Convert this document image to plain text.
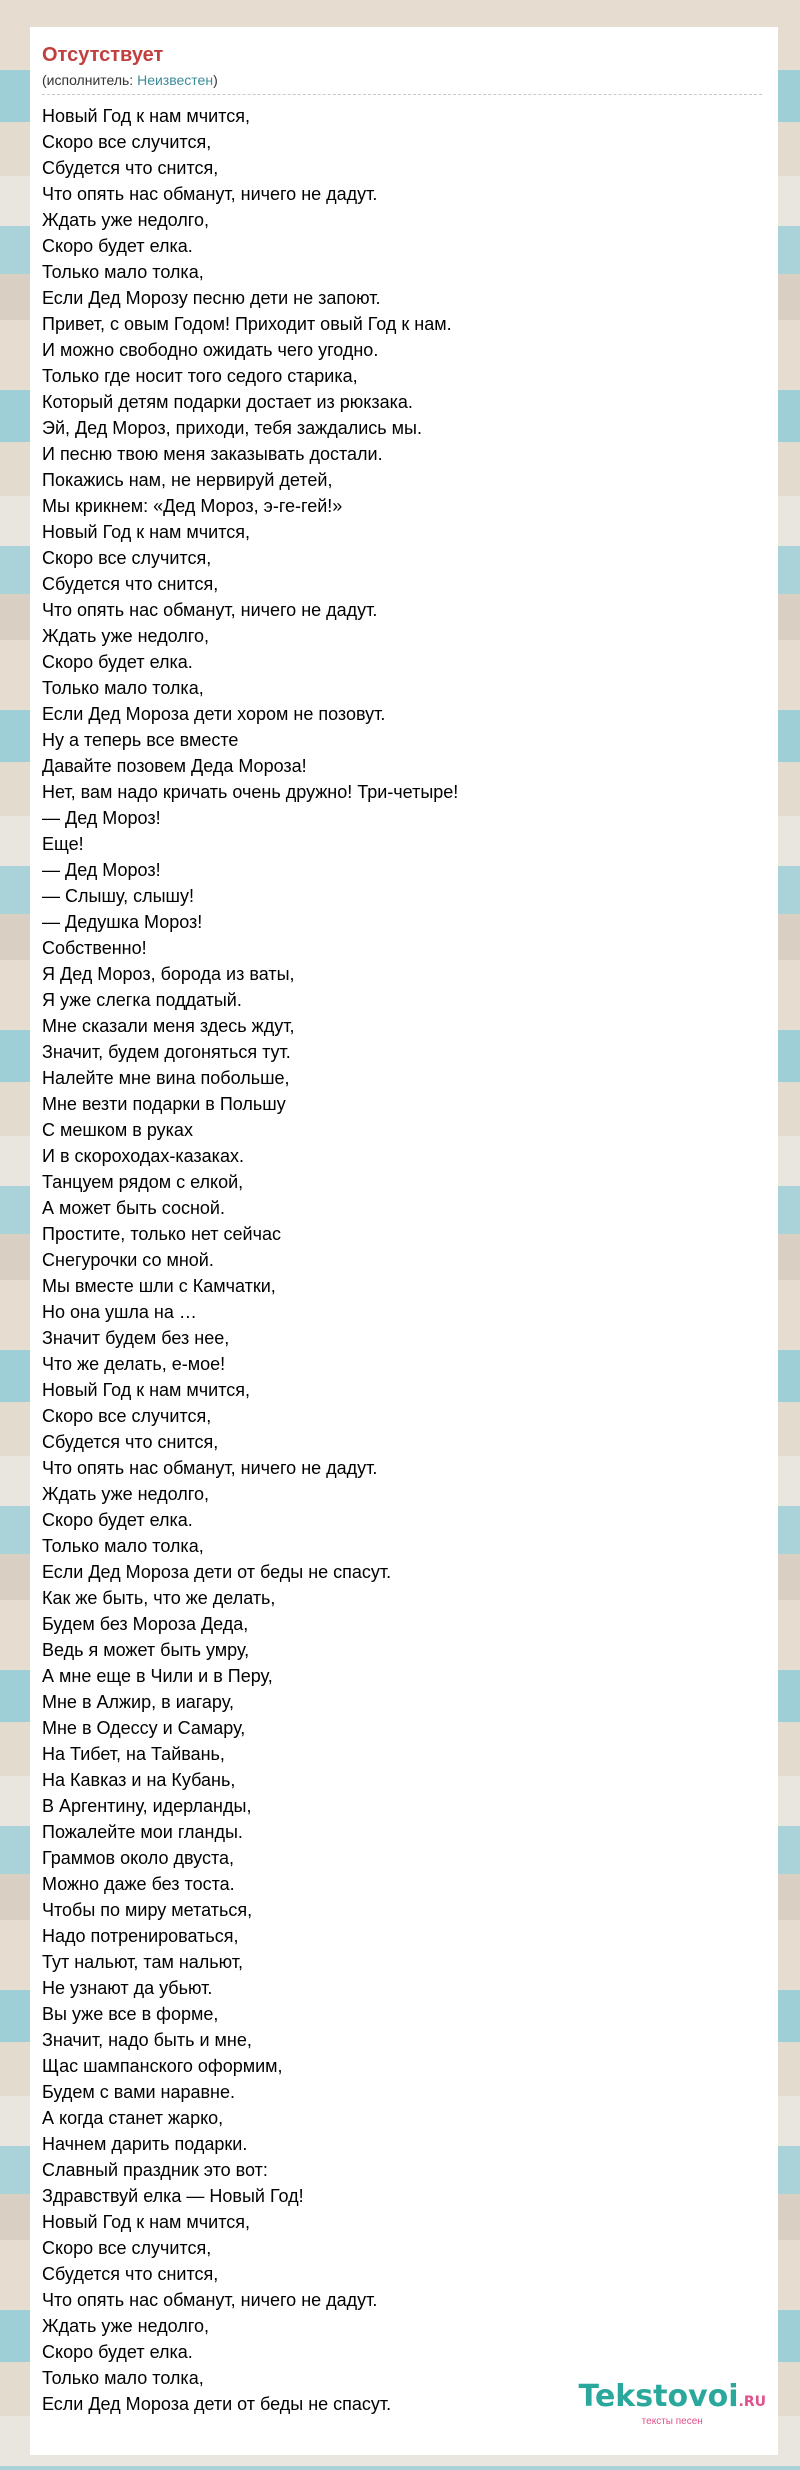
Отсутствует
(исполнитель: Неизвестен)
Новый Год к нам мчится,
Скоро все случится,
Сбудется что снится,
Что опять нас обманут, ничего не дадут.
Ждать уже недолго,
Скоро будет елка.
Только мало толка,
Если Дед Морозу песню дети не запоют.
Привет, с овым Годом! Приходит овый Год к нам.
И можно свободно ожидать чего угодно.
Только где носит того седого старика,
Который детям подарки достает из рюкзака.
Эй, Дед Мороз, приходи, тебя заждались мы.
И песню твою меня заказывать достали.
Покажись нам, не нервируй детей,
Мы крикнем: «Дед Мороз, э-ге-гей!»
Новый Год к нам мчится,
Скоро все случится,
Сбудется что снится,
Что опять нас обманут, ничего не дадут.
Ждать уже недолго,
Скоро будет елка.
Только мало толка,
Если Дед Мороза дети хором не позовут.
Ну а теперь все вместе
Давайте позовем Деда Мороза!
Нет, вам надо кричать очень дружно! Три-четыре!
— Дед Мороз!
Еще!
— Дед Мороз!
— Слышу, слышу!
— Дедушка Мороз!
Собственно!
Я Дед Мороз, борода из ваты,
Я уже слегка поддатый.
Мне сказали меня здесь ждут,
Значит, будем догоняться тут.
Налейте мне вина побольше,
Мне везти подарки в Польшу
С мешком в руках
И в скороходах-казаках.
Танцуем рядом с елкой,
А может быть сосной.
Простите, только нет сейчас
Снегурочки со мной.
Мы вместе шли с Камчатки,
Но она ушла на …
Значит будем без нее,
Что же делать, е-мое!
Новый Год к нам мчится,
Скоро все случится,
Сбудется что снится,
Что опять нас обманут, ничего не дадут.
Ждать уже недолго,
Скоро будет елка.
Только мало толка,
Если Дед Мороза дети от беды не спасут.
Как же быть, что же делать,
Будем без Мороза Деда,
Ведь я может быть умру,
А мне еще в Чили и в Перу,
Мне в Алжир, в иагару,
Мне в Одессу и Самару,
На Тибет, на Тайвань,
На Кавказ и на Кубань,
В Аргентину, идерланды,
Пожалейте мои гланды.
Граммов около двуста,
Можно даже без тоста.
Чтобы по миру метаться,
Надо потренироваться,
Тут нальют, там нальют,
Не узнают да убьют.
Вы уже все в форме,
Значит, надо быть и мне,
Щас шампанского оформим,
Будем с вами наравне.
А когда станет жарко,
Начнем дарить подарки.
Славный праздник это вот:
Здравствуй елка — Новый Год!
Новый Год к нам мчится,
Скоро все случится,
Сбудется что снится,
Что опять нас обманут, ничего не дадут.
Ждать уже недолго,
Скоро будет елка.
Только мало толка,
Если Дед Мороза дети от беды не спасут.	Tekstovoi.RU
тексты песен
